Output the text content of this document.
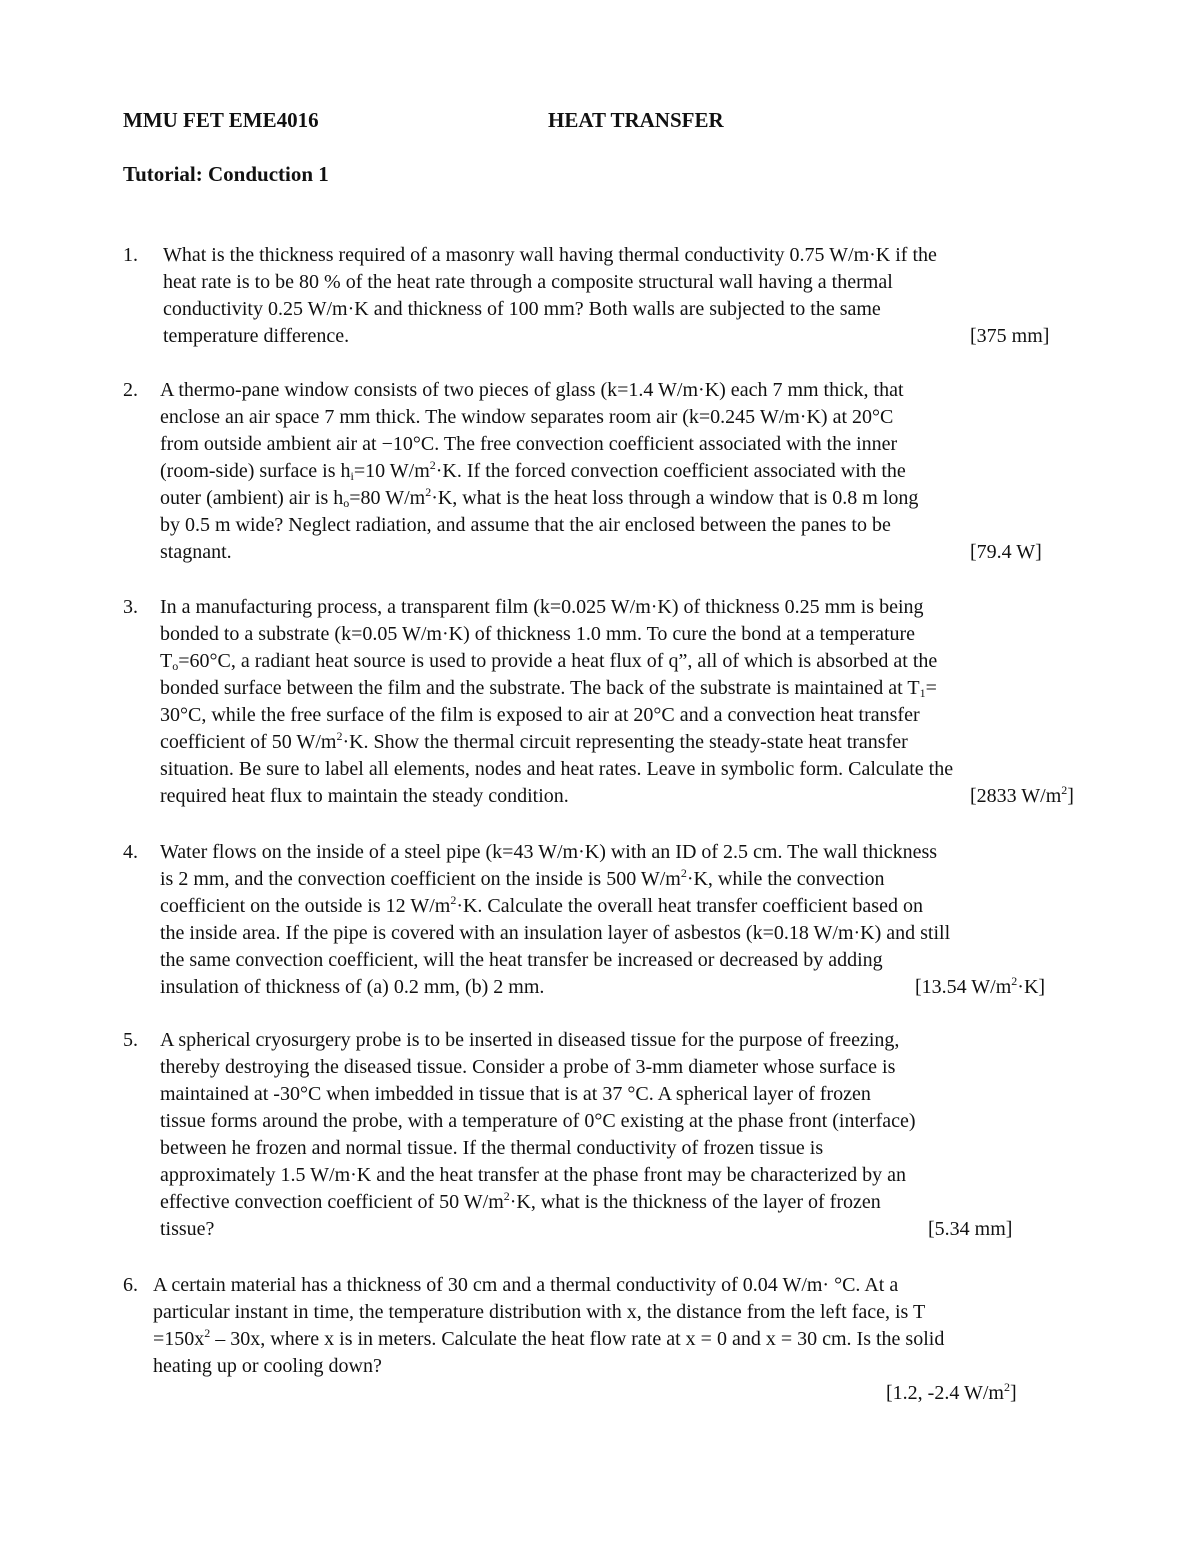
MMU FET EME4016	HEAT TRANSFER
Tutorial: Conduction 1
1. What is the thickness required of a masonry wall having thermal conductivity 0.75 W/m·K if the
heat rate is to be 80 % of the heat rate through a composite structural wall having a thermal
conductivity 0.25 W/m·K and thickness of 100 mm? Both walls are subjected to the same
temperature difference.	[375 mm]
2. A thermo-pane window consists of two pieces of glass (k=1.4 W/m·K) each 7 mm thick, that
enclose an air space 7 mm thick. The window separates room air (k=0.245 W/m·K) at 20°C
from outside ambient air at −10°C. The free convection coefficient associated with the inner
(room-side) surface is $h_i=10$ $W/m^2\cdot K$. If the forced convection coefficient associated with the
outer (ambient) air is $h_o=80$ $W/m^2\cdot K$, what is the heat loss through a window that is 0.8 m long
by 0.5 m wide? Neglect radiation, and assume that the air enclosed between the panes to be
stagnant.	[79.4 W]
3. In a manufacturing process, a transparent film (k=0.025 W/m·K) of thickness 0.25 mm is being
bonded to a substrate (k=0.05 W/m·K) of thickness 1.0 mm. To cure the bond at a temperature
$T_o=60^\circ C$, a radiant heat source is used to provide a heat flux of q”, all of which is absorbed at the
bonded surface between the film and the substrate. The back of the substrate is maintained at $T_1=$
30°C, while the free surface of the film is exposed to air at 20°C and a convection heat transfer
coefficient of 50 $W/m^2\cdot K$. Show the thermal circuit representing the steady-state heat transfer
situation. Be sure to label all elements, nodes and heat rates. Leave in symbolic form. Calculate the
required heat flux to maintain the steady condition.	[2833 $W/m^2$]
4. Water flows on the inside of a steel pipe (k=43 W/m·K) with an ID of 2.5 cm. The wall thickness
is 2 mm, and the convection coefficient on the inside is 500 $W/m^2\cdot K$, while the convection
coefficient on the outside is 12 $W/m^2\cdot K$. Calculate the overall heat transfer coefficient based on
the inside area. If the pipe is covered with an insulation layer of asbestos (k=0.18 W/m·K) and still
the same convection coefficient, will the heat transfer be increased or decreased by adding
insulation of thickness of (a) 0.2 mm, (b) 2 mm.	[13.54 $W/m^2\cdot K$]
5. A spherical cryosurgery probe is to be inserted in diseased tissue for the purpose of freezing,
thereby destroying the diseased tissue. Consider a probe of 3-mm diameter whose surface is
maintained at -30°C when imbedded in tissue that is at 37 °C. A spherical layer of frozen
tissue forms around the probe, with a temperature of 0°C existing at the phase front (interface)
between he frozen and normal tissue. If the thermal conductivity of frozen tissue is
approximately 1.5 W/m·K and the heat transfer at the phase front may be characterized by an
effective convection coefficient of 50 $W/m^2\cdot K$, what is the thickness of the layer of frozen
tissue?	[5.34 mm]
6. A certain material has a thickness of 30 cm and a thermal conductivity of 0.04 W/m· °C. At a
particular instant in time, the temperature distribution with x, the distance from the left face, is T
$=150x^2 - 30x$, where x is in meters. Calculate the heat flow rate at x = 0 and x = 30 cm. Is the solid
heating up or cooling down?
[1.2, -2.4 $W/m^2$]
